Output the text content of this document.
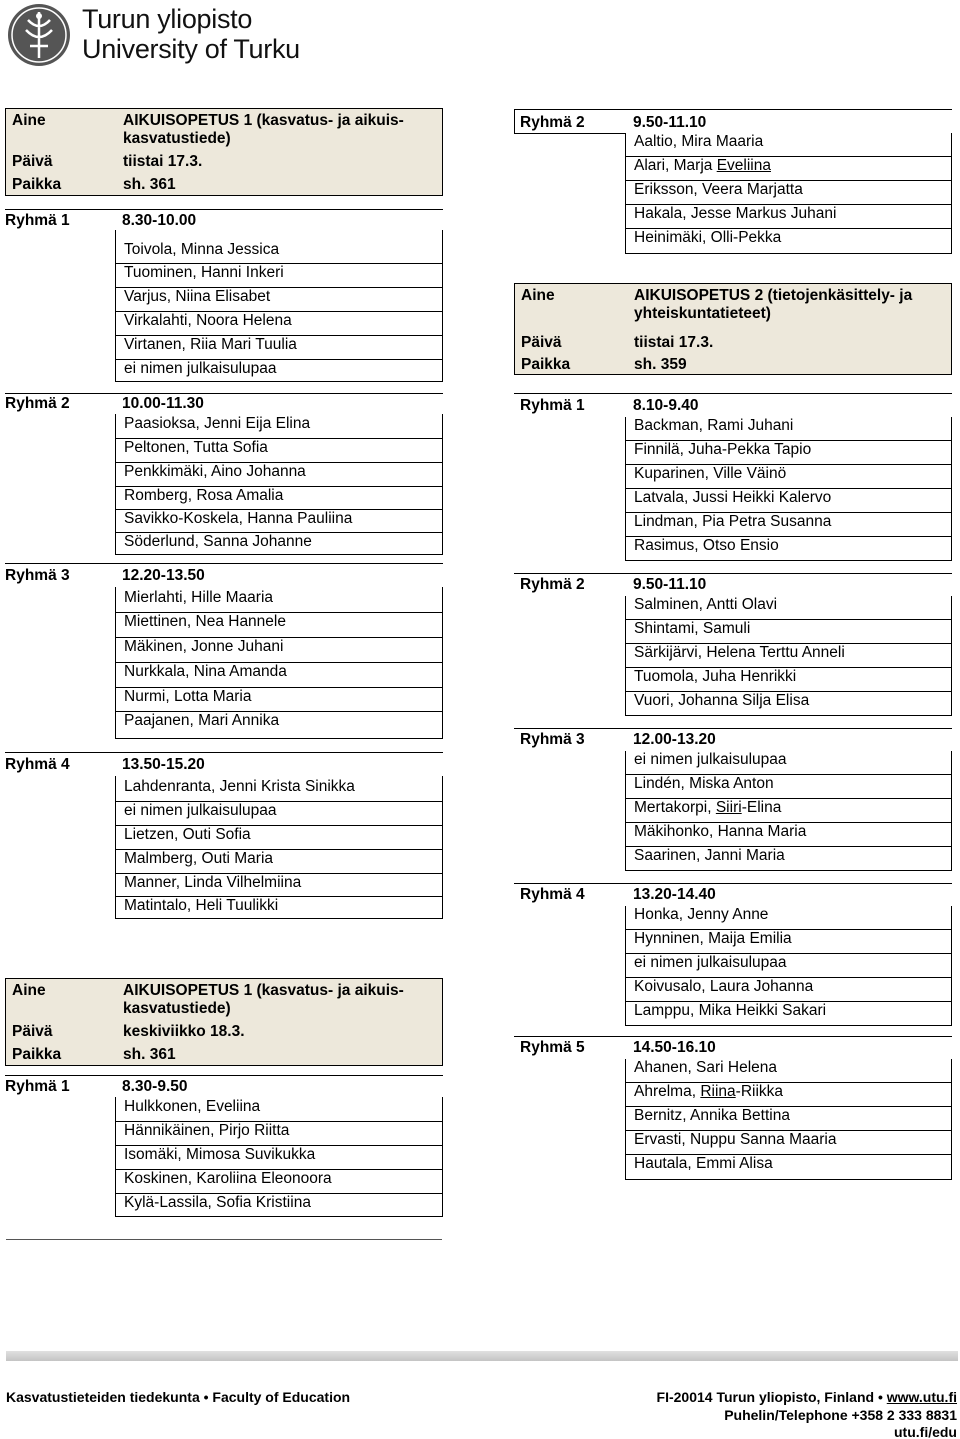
Turun yliopisto
University of Turku
Aine	AIKUISOPETUS 1 (kasvatus- ja aikuis-
kasvatustiede)
Päivä	tiistai 17.3.
Paikka	sh. 361
Ryhmä 1	8.30-10.00
Toivola, Minna Jessica
Tuominen, Hanni Inkeri
Varjus, Niina Elisabet
Virkalahti, Noora Helena
Virtanen, Riia Mari Tuulia
ei nimen julkaisulupaa
Ryhmä 2	10.00-11.30
Paasioksa, Jenni Eija Elina
Peltonen, Tutta Sofia
Penkkimäki, Aino Johanna
Romberg, Rosa Amalia
Savikko-Koskela, Hanna Pauliina
Söderlund, Sanna Johanne
Ryhmä 3	12.20-13.50
Mierlahti, Hille Maaria
Miettinen, Nea Hannele
Mäkinen, Jonne Juhani
Nurkkala, Nina Amanda
Nurmi, Lotta Maria
Paajanen, Mari Annika
Ryhmä 4	13.50-15.20
Lahdenranta, Jenni Krista Sinikka
ei nimen julkaisulupaa
Lietzen, Outi Sofia
Malmberg, Outi Maria
Manner, Linda Vilhelmiina
Matintalo, Heli Tuulikki
Aine	AIKUISOPETUS 1 (kasvatus- ja aikuis-
kasvatustiede)
Päivä	keskiviikko 18.3.
Paikka	sh. 361
Ryhmä 1	8.30-9.50
Hulkkonen, Eveliina
Hännikäinen, Pirjo Riitta
Isomäki, Mimosa Suvikukka
Koskinen, Karoliina Eleonoora
Kylä-Lassila, Sofia Kristiina
Ryhmä 2	9.50-11.10
Aaltio, Mira Maaria
Alari, Marja Eveliina
Eriksson, Veera Marjatta
Hakala, Jesse Markus Juhani
Heinimäki, Olli-Pekka
Aine	AIKUISOPETUS 2 (tietojenkäsittely- ja
yhteiskuntatieteet)
Päivä	tiistai 17.3.
Paikka	sh. 359
Ryhmä 1	8.10-9.40
Backman, Rami Juhani
Finnilä, Juha-Pekka Tapio
Kuparinen, Ville Väinö
Latvala, Jussi Heikki Kalervo
Lindman, Pia Petra Susanna
Rasimus, Otso Ensio
Ryhmä 2	9.50-11.10
Salminen, Antti Olavi
Shintami, Samuli
Särkijärvi, Helena Terttu Anneli
Tuomola, Juha Henrikki
Vuori, Johanna Silja Elisa
Ryhmä 3	12.00-13.20
ei nimen julkaisulupaa
Lindén, Miska Anton
Mertakorpi, Siiri-Elina
Mäkihonko, Hanna Maria
Saarinen, Janni Maria
Ryhmä 4	13.20-14.40
Honka, Jenny Anne
Hynninen, Maija Emilia
ei nimen julkaisulupaa
Koivusalo, Laura Johanna
Lamppu, Mika Heikki Sakari
Ryhmä 5	14.50-16.10
Ahanen, Sari Helena
Ahrelma, Riina-Riikka
Bernitz, Annika Bettina
Ervasti, Nuppu Sanna Maaria
Hautala, Emmi Alisa
Kasvatustieteiden tiedekunta • Faculty of Education	FI-20014 Turun yliopisto, Finland • www.utu.fi
Puhelin/Telephone +358 2 333 8831
utu.fi/edu
